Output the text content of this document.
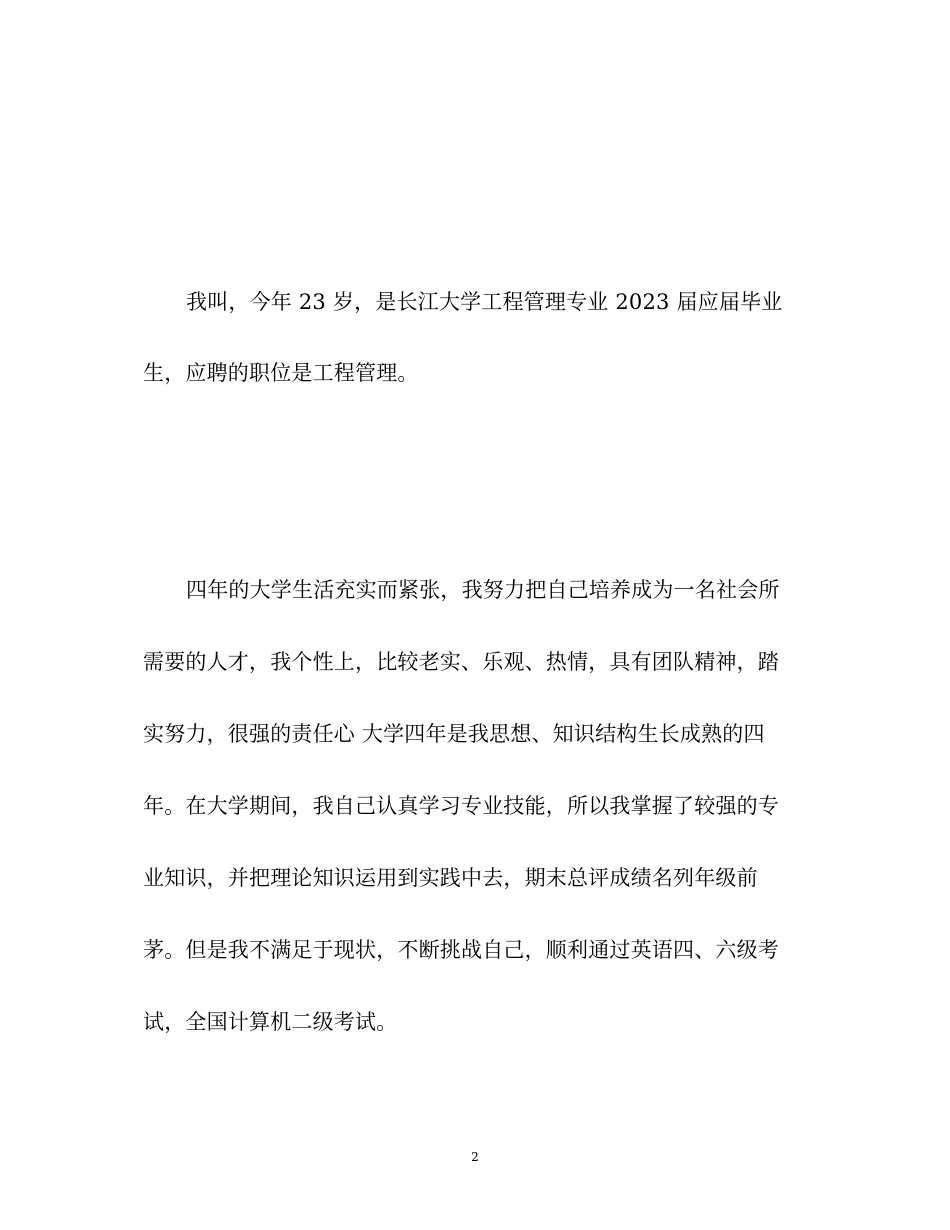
我叫，今年 23 岁，是长江大学工程管理专业 2023 届应届毕业
生，应聘的职位是工程管理。
四年的大学生活充实而紧张，我努力把自己培养成为一名社会所
需要的人才，我个性上，比较老实、乐观、热情，具有团队精神，踏
实努力，很强的责任心 大学四年是我思想、知识结构生长成熟的四
年。在大学期间，我自己认真学习专业技能，所以我掌握了较强的专
业知识，并把理论知识运用到实践中去，期末总评成绩名列年级前
茅。但是我不满足于现状，不断挑战自己，顺利通过英语四、六级考
试，全国计算机二级考试。
2
